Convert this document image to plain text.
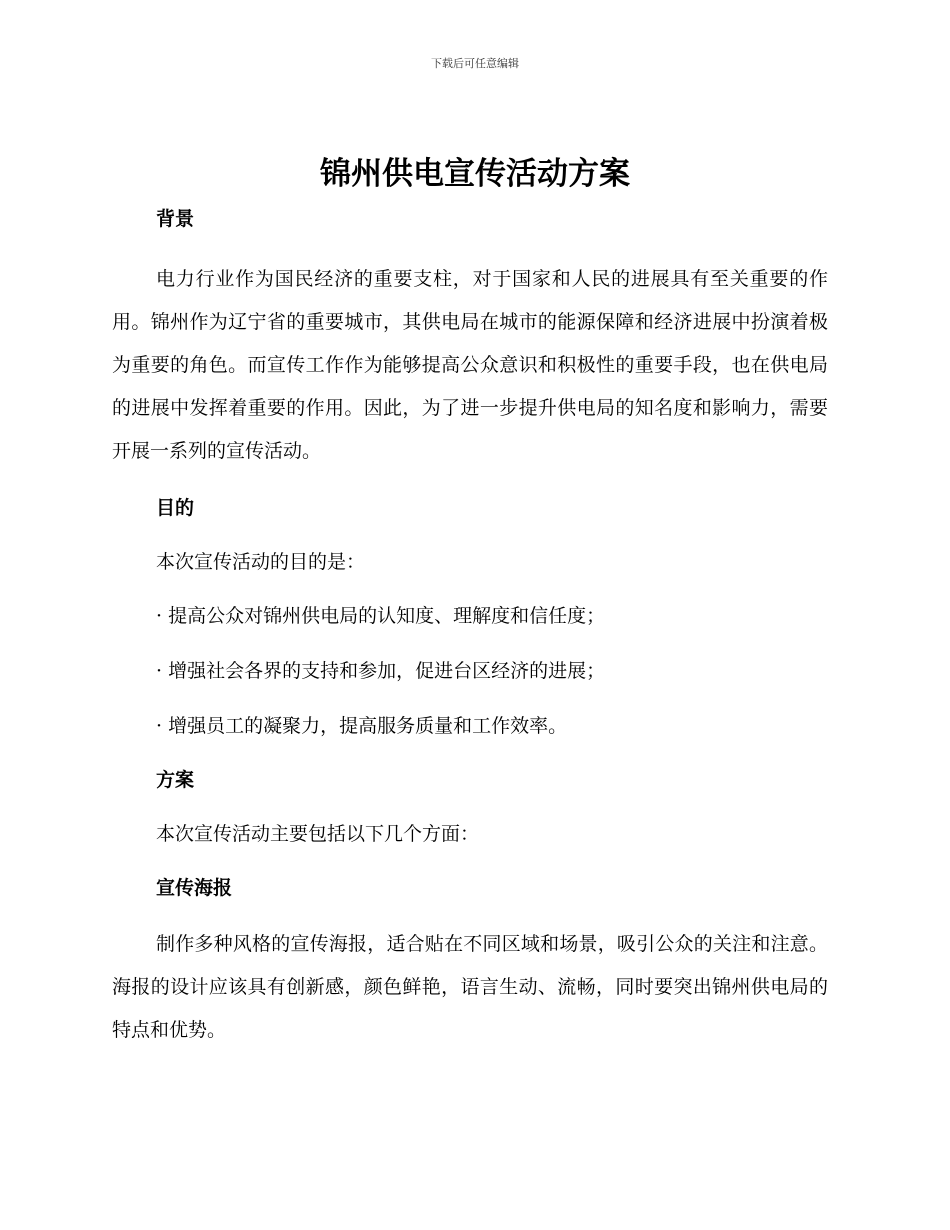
下载后可任意编辑
锦州供电宣传活动方案

背景

电力行业作为国民经济的重要支柱，对于国家和人民的进展具有至关重要的作用。锦州作为辽宁省的重要城市，其供电局在城市的能源保障和经济进展中扮演着极为重要的角色。而宣传工作作为能够提高公众意识和积极性的重要手段，也在供电局的进展中发挥着重要的作用。因此，为了进一步提升供电局的知名度和影响力，需要开展一系列的宣传活动。

目的

本次宣传活动的目的是：

· 提高公众对锦州供电局的认知度、理解度和信任度；

· 增强社会各界的支持和参加，促进台区经济的进展；

· 增强员工的凝聚力，提高服务质量和工作效率。

方案

本次宣传活动主要包括以下几个方面：

宣传海报

制作多种风格的宣传海报，适合贴在不同区域和场景，吸引公众的关注和注意。海报的设计应该具有创新感，颜色鲜艳，语言生动、流畅，同时要突出锦州供电局的特点和优势。
